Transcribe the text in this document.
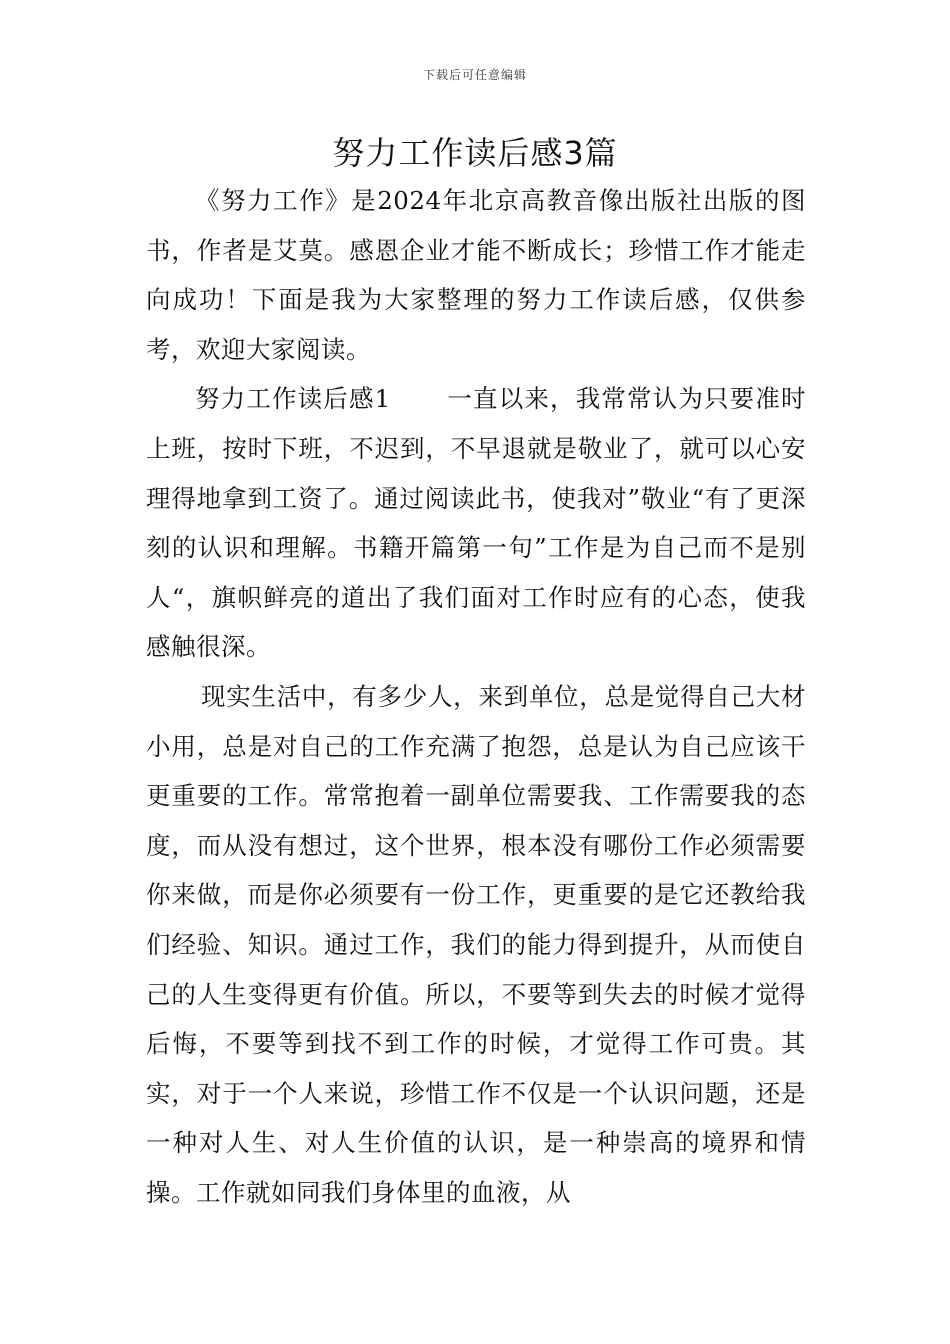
下载后可任意编辑
努力工作读后感3篇

《努力工作》是2024年北京高教音像出版社出版的图书，作者是艾莫。感恩企业才能不断成长；珍惜工作才能走向成功！下面是我为大家整理的努力工作读后感，仅供参考，欢迎大家阅读。

努力工作读后感1 一直以来，我常常认为只要准时上班，按时下班，不迟到，不早退就是敬业了，就可以心安理得地拿到工资了。通过阅读此书，使我对”敬业“有了更深刻的认识和理解。书籍开篇第一句”工作是为自己而不是别人“，旗帜鲜亮的道出了我们面对工作时应有的心态，使我感触很深。

现实生活中，有多少人，来到单位，总是觉得自己大材小用，总是对自己的工作充满了抱怨，总是认为自己应该干更重要的工作。常常抱着一副单位需要我、工作需要我的态度，而从没有想过，这个世界，根本没有哪份工作必须需要你来做，而是你必须要有一份工作，更重要的是它还教给我们经验、知识。通过工作，我们的能力得到提升，从而使自己的人生变得更有价值。所以，不要等到失去的时候才觉得后悔，不要等到找不到工作的时候，才觉得工作可贵。其实，对于一个人来说，珍惜工作不仅是一个认识问题，还是一种对人生、对人生价值的认识，是一种崇高的境界和情操。工作就如同我们身体里的血液，从
